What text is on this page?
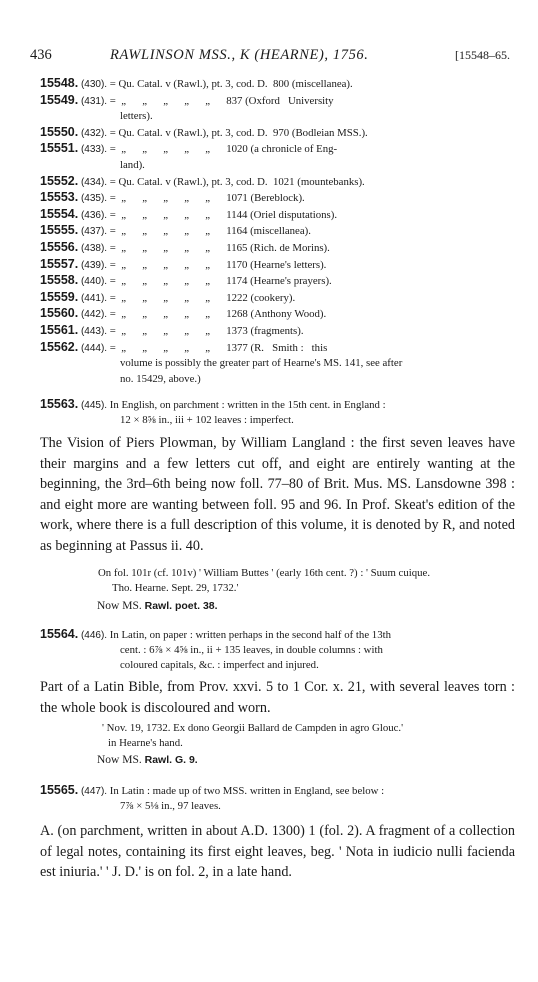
436	RAWLINSON MSS., K (HEARNE), 1756.	[15548–65.
15548. (430). = Qu. Catal. v (Rawl.), pt. 3, cod. D.  800 (miscellanea).
15549. (431). =  „      „      „      „      „      837 (Oxford   University
letters).
15550. (432). = Qu. Catal. v (Rawl.), pt. 3, cod. D.  970 (Bodleian MSS.).
15551. (433). =  „      „      „      „      „      1020 (a chronicle of Eng-
land).
15552. (434). = Qu. Catal. v (Rawl.), pt. 3, cod. D.  1021 (mountebanks).
15553. (435). =  „      „      „      „      „      1071 (Bereblock).
15554. (436). =  „      „      „      „      „      1144 (Oriel disputations).
15555. (437). =  „      „      „      „      „      1164 (miscellanea).
15556. (438). =  „      „      „      „      „      1165 (Rich. de Morins).
15557. (439). =  „      „      „      „      „      1170 (Hearne's letters).
15558. (440). =  „      „      „      „      „      1174 (Hearne's prayers).
15559. (441). =  „      „      „      „      „      1222 (cookery).
15560. (442). =  „      „      „      „      „      1268 (Anthony Wood).
15561. (443). =  „      „      „      „      „      1373 (fragments).
15562. (444). =  „      „      „      „      „      1377 (R.   Smith :   this
volume is possibly the greater part of Hearne's MS. 141, see after
no. 15429, above.)
15563. (445). In English, on parchment : written in the 15th cent. in England :
12 × 8⅝ in., iii + 102 leaves : imperfect.

The Vision of Piers Plowman, by William Langland : the first seven leaves have their margins and a few letters cut off, and eight are entirely wanting at the beginning, the 3rd–6th being now foll. 77–80 of Brit. Mus. MS. Lansdowne 398 : and eight more are wanting between foll. 95 and 96. In Prof. Skeat's edition of the work, where there is a full description of this volume, it is denoted by R, and noted as beginning at Passus ii. 40.

On fol. 101r (cf. 101v) ' William Buttes ' (early 16th cent. ?) : ' Suum cuique.
Tho. Hearne. Sept. 29, 1732.'
Now MS. Rawl. poet. 38.
15564. (446). In Latin, on paper : written perhaps in the second half of the 13th
cent. : 6⅞ × 4⅝ in., ii + 135 leaves, in double columns : with
coloured capitals, &c. : imperfect and injured.

Part of a Latin Bible, from Prov. xxvi. 5 to 1 Cor. x. 21, with several leaves torn : the whole book is discoloured and worn.

' Nov. 19, 1732. Ex dono Georgii Ballard de Campden in agro Glouc.'
in Hearne's hand.
Now MS. Rawl. G. 9.
15565. (447). In Latin : made up of two MSS. written in England, see below :
7⅞ × 5⅛ in., 97 leaves.

A. (on parchment, written in about A.D. 1300) 1 (fol. 2). A fragment of a collection of legal notes, containing its first eight leaves, beg. ' Nota in iudicio nulli facienda est iniuria.' ' J. D.' is on fol. 2, in a late hand.
